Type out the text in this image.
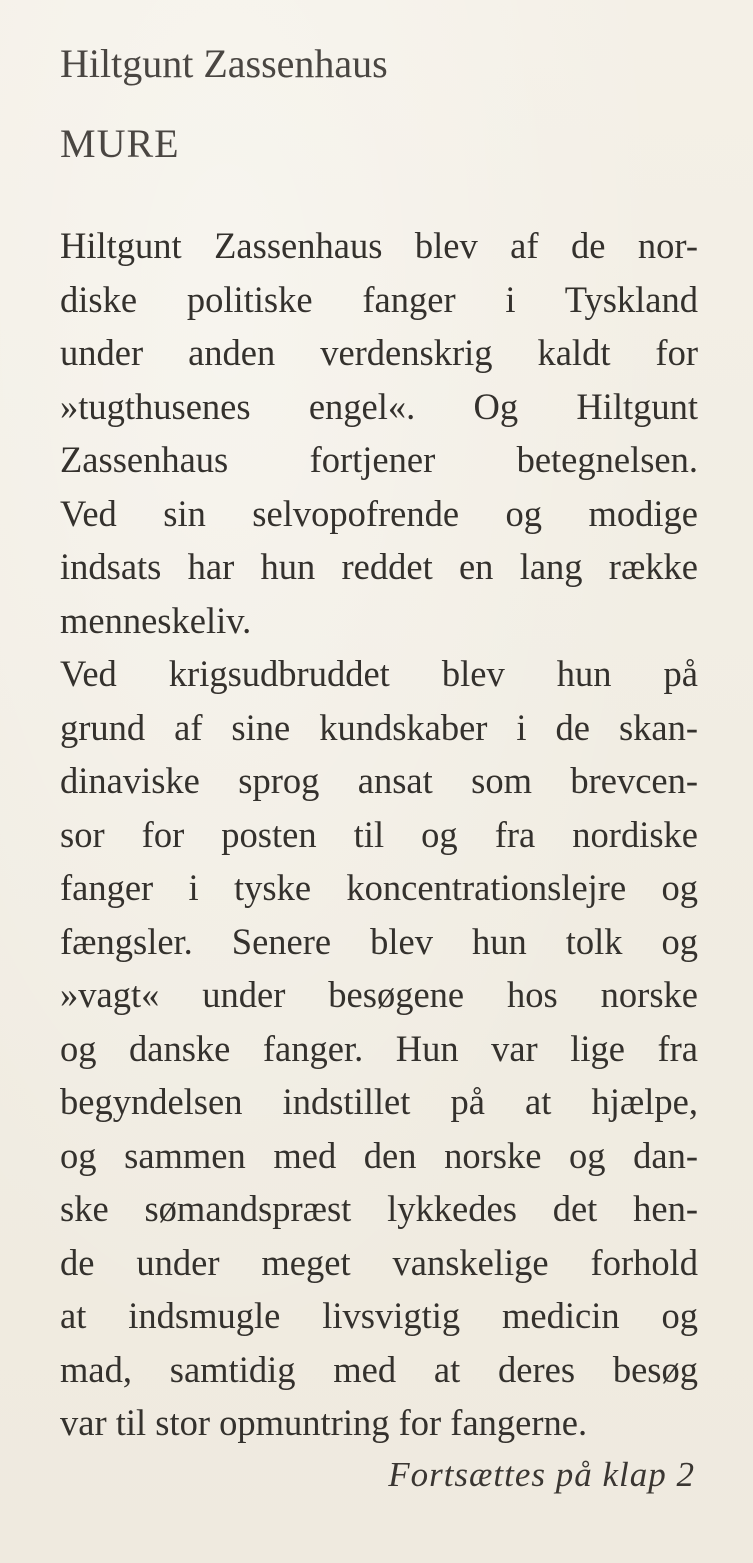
Hiltgunt Zassenhaus
MURE
Hiltgunt Zassenhaus blev af de nor-
diske politiske fanger i Tyskland
under anden verdenskrig kaldt for
»tugthusenes engel«. Og Hiltgunt
Zassenhaus fortjener betegnelsen.
Ved sin selvopofrende og modige
indsats har hun reddet en lang række
menneskeliv.
Ved krigsudbruddet blev hun på
grund af sine kundskaber i de skan-
dinaviske sprog ansat som brevcen-
sor for posten til og fra nordiske
fanger i tyske koncentrationslejre og
fængsler. Senere blev hun tolk og
»vagt« under besøgene hos norske
og danske fanger. Hun var lige fra
begyndelsen indstillet på at hjælpe,
og sammen med den norske og dan-
ske sømandspræst lykkedes det hen-
de under meget vanskelige forhold
at indsmugle livsvigtig medicin og
mad, samtidig med at deres besøg
var til stor opmuntring for fangerne.
Fortsættes på klap 2
